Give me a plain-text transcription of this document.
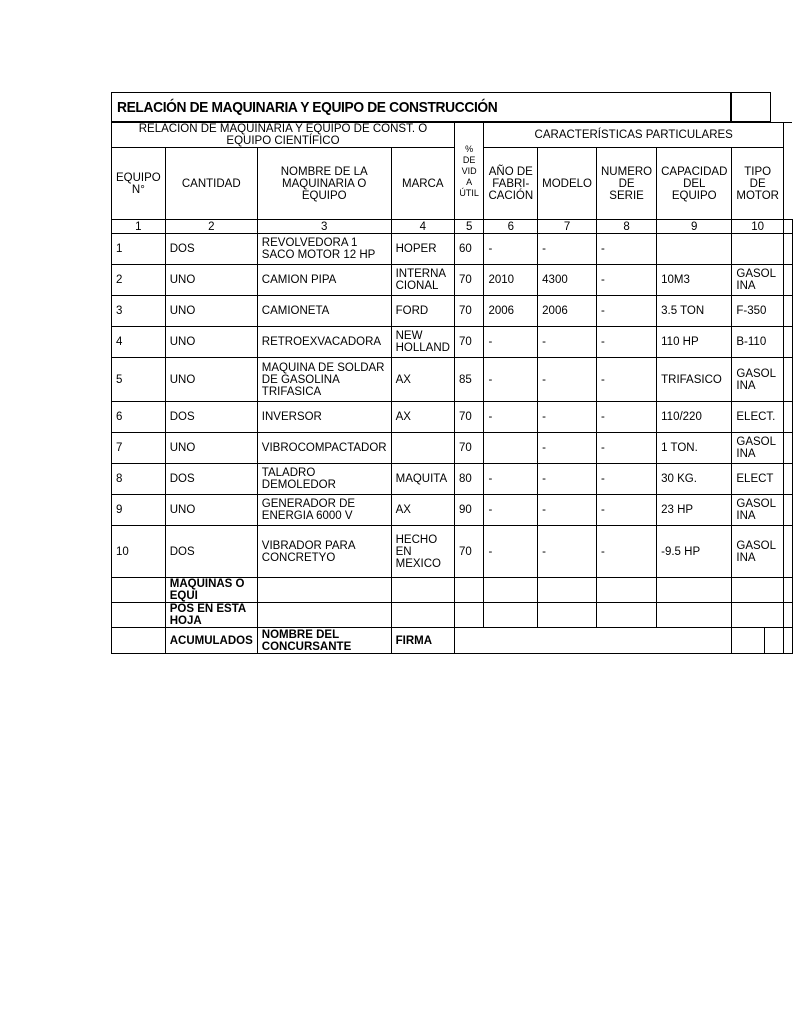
RELACIÓN DE MAQUINARIA Y EQUIPO DE CONSTRUCCIÓN
RELACIÓN DE MAQUINARIA Y EQUIPO DE CONST. O EQUIPO CIENTÍFICO				% DE VIDA ÚTIL	CARACTERÍSTICAS PARTICULARES						
EQUIPO N°	CANTIDAD	NOMBRE DE LA MAQUINARIA O EQUIPO	MARCA		AÑO DE FABRI-CACIÓN	MODELO	NUMERO DE SERIE	CAPACIDAD DEL EQUIPO	TIPO DE MOTOR		
1	2	3	4	5	6	7	8	9	10		
1	DOS	REVOLVEDORA 1 SACO MOTOR 12 HP	HOPER	60	-	-	-				
2	UNO	CAMION PIPA	INTERNACIONAL	70	2010	4300	-	10M3	GASOLINA		
3	UNO	CAMIONETA	FORD	70	2006	2006	-	3.5 TON	F-350		
4	UNO	RETROEXVACADORA	NEW HOLLAND	70	-	-	-	110 HP	B-110		
5	UNO	MAQUINA DE SOLDAR DE GASOLINA TRIFASICA	AX	85	-	-	-	TRIFASICO	GASOLINA		
6	DOS	INVERSOR	AX	70	-	-	-	110/220	ELECT.		
7	UNO	VIBROCOMPACTADOR		70		-	-	1 TON.	GASOLINA		
8	DOS	TALADRO DEMOLEDOR	MAQUITA	80	-	-	-	30 KG.	ELECT		
9	UNO	GENERADOR DE ENERGIA 6000 V	AX	90	-	-	-	23 HP	GASOLINA		
10	DOS	VIBRADOR PARA CONCRETYO	HECHO EN MEXICO	70	-	-	-	-9.5 HP	GASOLINA		
	MAQUINAS O EQUI										
	POS EN ESTA HOJA										
	ACUMULADOS	NOMBRE DEL CONCURSANTE	FIRMA								
